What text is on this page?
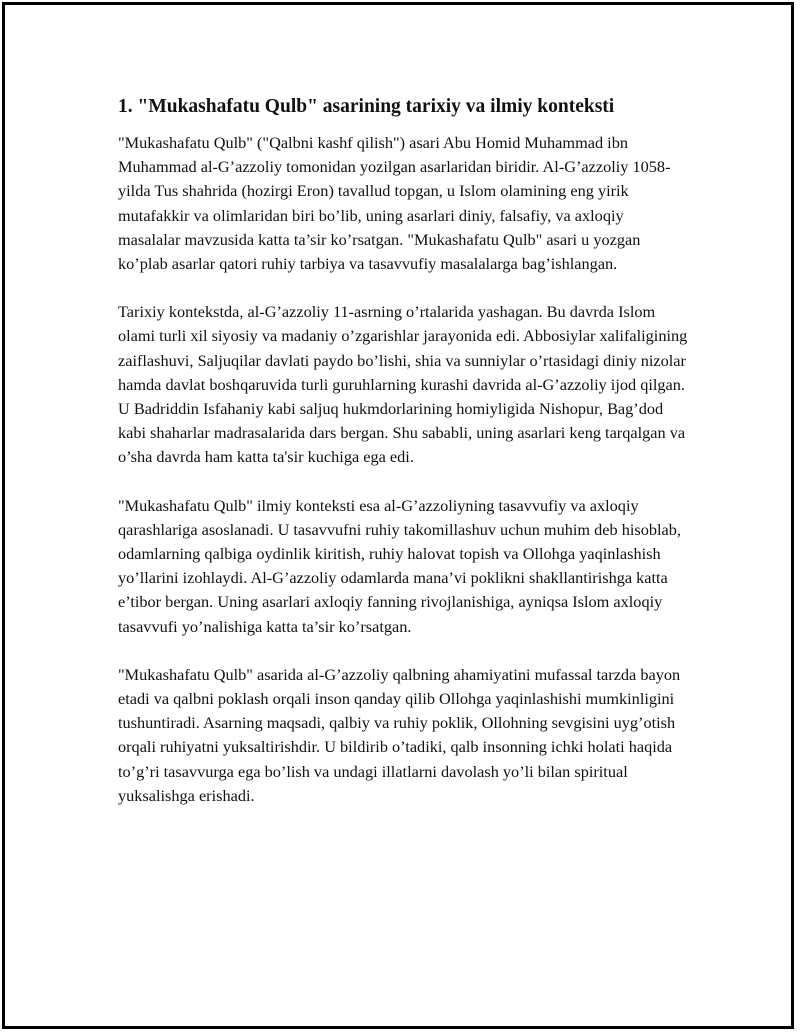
1. "Mukashafatu Qulb" asarining tarixiy va ilmiy konteksti

"Mukashafatu Qulb" ("Qalbni kashf qilish") asari Abu Homid Muhammad ibn Muhammad al-G’azzoliy tomonidan yozilgan asarlaridan biridir. Al-G’azzoliy 1058-yilda Tus shahrida (hozirgi Eron) tavallud topgan, u Islom olamining eng yirik mutafakkir va olimlaridan biri bo’lib, uning asarlari diniy, falsafiy, va axloqiy masalalar mavzusida katta ta’sir ko’rsatgan. "Mukashafatu Qulb" asari u yozgan ko’plab asarlar qatori ruhiy tarbiya va tasavvufiy masalalarga bag’ishlangan.

Tarixiy kontekstda, al-G’azzoliy 11-asrning o’rtalarida yashagan. Bu davrda Islom olami turli xil siyosiy va madaniy o’zgarishlar jarayonida edi. Abbosiylar xalifaligining zaiflashuvi, Saljuqilar davlati paydo bo’lishi, shia va sunniylar o’rtasidagi diniy nizolar hamda davlat boshqaruvida turli guruhlarning kurashi davrida al-G’azzoliy ijod qilgan. U Badriddin Isfahaniy kabi saljuq hukmdorlarining homiyligida Nishopur, Bag’dod kabi shaharlar madrasalarida dars bergan. Shu sababli, uning asarlari keng tarqalgan va o’sha davrda ham katta ta'sir kuchiga ega edi.

"Mukashafatu Qulb" ilmiy konteksti esa al-G’azzoliyning tasavvufiy va axloqiy qarashlariga asoslanadi. U tasavvufni ruhiy takomillashuv uchun muhim deb hisoblab, odamlarning qalbiga oydinlik kiritish, ruhiy halovat topish va Ollohga yaqinlashish yo’llarini izohlaydi. Al-G’azzoliy odamlarda mana’vi poklikni shakllantirishga katta e’tibor bergan. Uning asarlari axloqiy fanning rivojlanishiga, ayniqsa Islom axloqiy tasavvufi yo’nalishiga katta ta’sir ko’rsatgan.

"Mukashafatu Qulb" asarida al-G’azzoliy qalbning ahamiyatini mufassal tarzda bayon etadi va qalbni poklash orqali inson qanday qilib Ollohga yaqinlashishi mumkinligini tushuntiradi. Asarning maqsadi, qalbiy va ruhiy poklik, Ollohning sevgisini uyg’otish orqali ruhiyatni yuksaltirishdir. U bildirib o’tadiki, qalb insonning ichki holati haqida to’g’ri tasavvurga ega bo’lish va undagi illatlarni davolash yo’li bilan spiritual yuksalishga erishadi.
